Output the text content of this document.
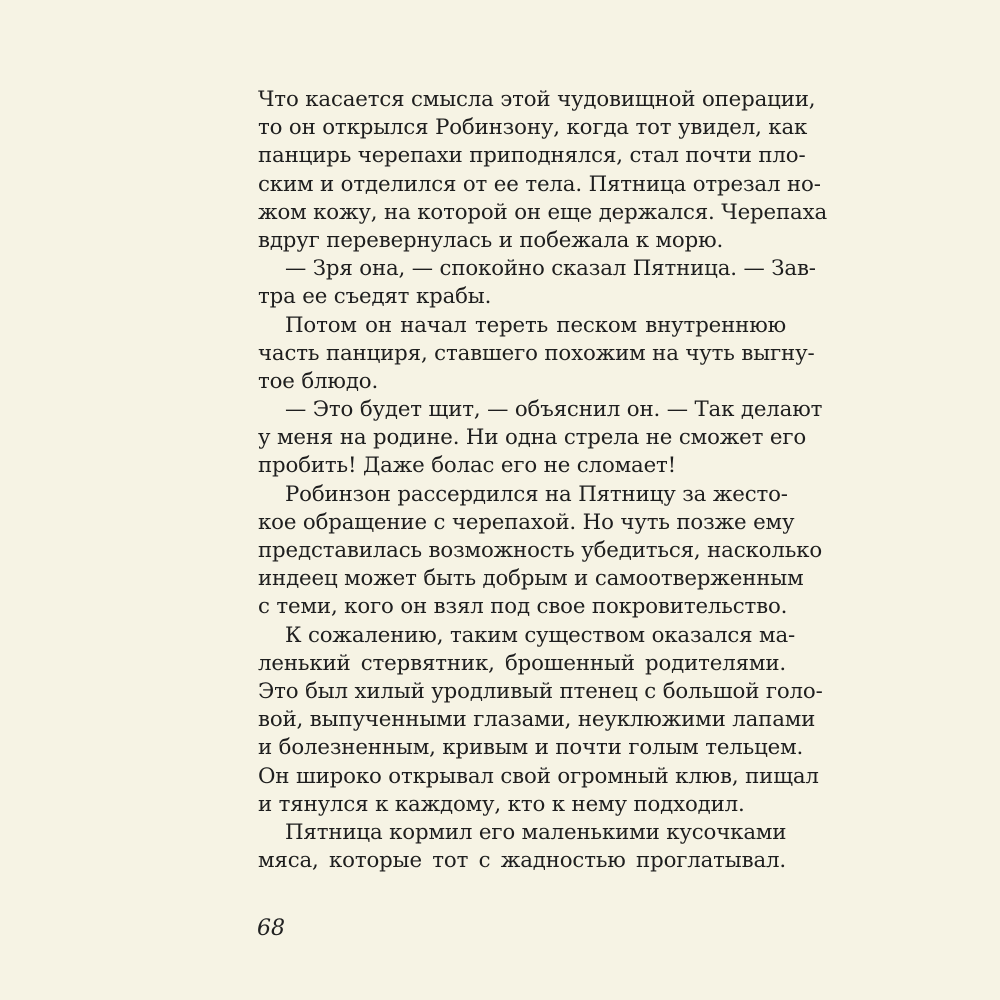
Что касается смысла этой чудовищной операции,
то он открылся Робинзону, когда тот увидел, как
панцирь черепахи приподнялся, стал почти пло-
ским и отделился от ее тела. Пятница отрезал но-
жом кожу, на которой он еще держался. Черепаха
вдруг перевернулась и побежала к морю.
— Зря она, — спокойно сказал Пятница. — Зав-
тра ее съедят крабы.
Потом он начал тереть песком внутреннюю
часть панциря, ставшего похожим на чуть выгну-
тое блюдо.
— Это будет щит, — объяснил он. — Так делают
у меня на родине. Ни одна стрела не сможет его
пробить! Даже болас его не сломает!
Робинзон рассердился на Пятницу за жесто-
кое обращение с черепахой. Но чуть позже ему
представилась возможность убедиться, насколько
индеец может быть добрым и самоотверженным
с теми, кого он взял под свое покровительство.
К сожалению, таким существом оказался ма-
ленький стервятник, брошенный родителями.
Это был хилый уродливый птенец с большой голо-
вой, выпученными глазами, неуклюжими лапами
и болезненным, кривым и почти голым тельцем.
Он широко открывал свой огромный клюв, пищал
и тянулся к каждому, кто к нему подходил.
Пятница кормил его маленькими кусочками
мяса, которые тот с жадностью проглатывал.
68
